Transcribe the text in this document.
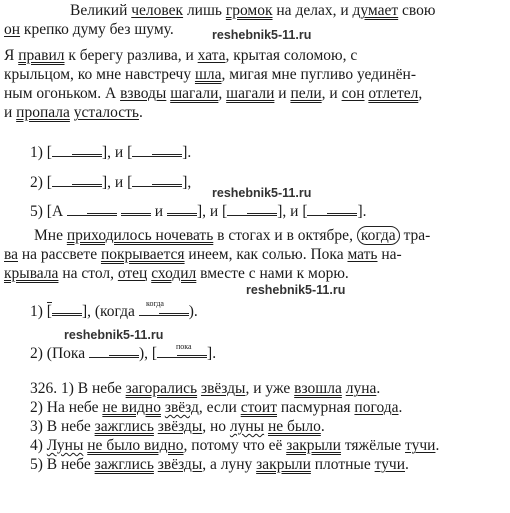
Великий человек лишь громок на делах, и думает свою
он крепко думу без шуму.	reshebnik5-11.ru
Я правил к берегу разлива, и хата, крытая соломою, с
крыльцом, ко мне навстречу шла, мигая мне пугливо уединён-
ным огоньком. А взводы шагали, шагали и пели, и сон отлетел,
и пропала усталость.
1) [	], и [	].
2) [	], и [	],
reshebnik5-11.ru
5) [А	и ], и [	], и [	].
Мне приходилось ночевать в стогах и в октябре, когда тра-
ва на рассвете покрывается инеем, как солью. Пока мать на-
крывала на стол, отец сходил вместе с нами к морю.
reshebnik5-11.ru
1) [ ], (когда	).
когда
reshebnik5-11.ru
2) (Пока	), [	].
пока
326. 1) В небе загорались звёзды, и уже взошла луна.
2) На небе не видно звёзд, если стоит пасмурная погода.
3) В небе зажглись звёзды, но луны не было.
4) Луны не было видно, потому что её закрыли тяжёлые тучи.
5) В небе зажглись звёзды, а луну закрыли плотные тучи.
